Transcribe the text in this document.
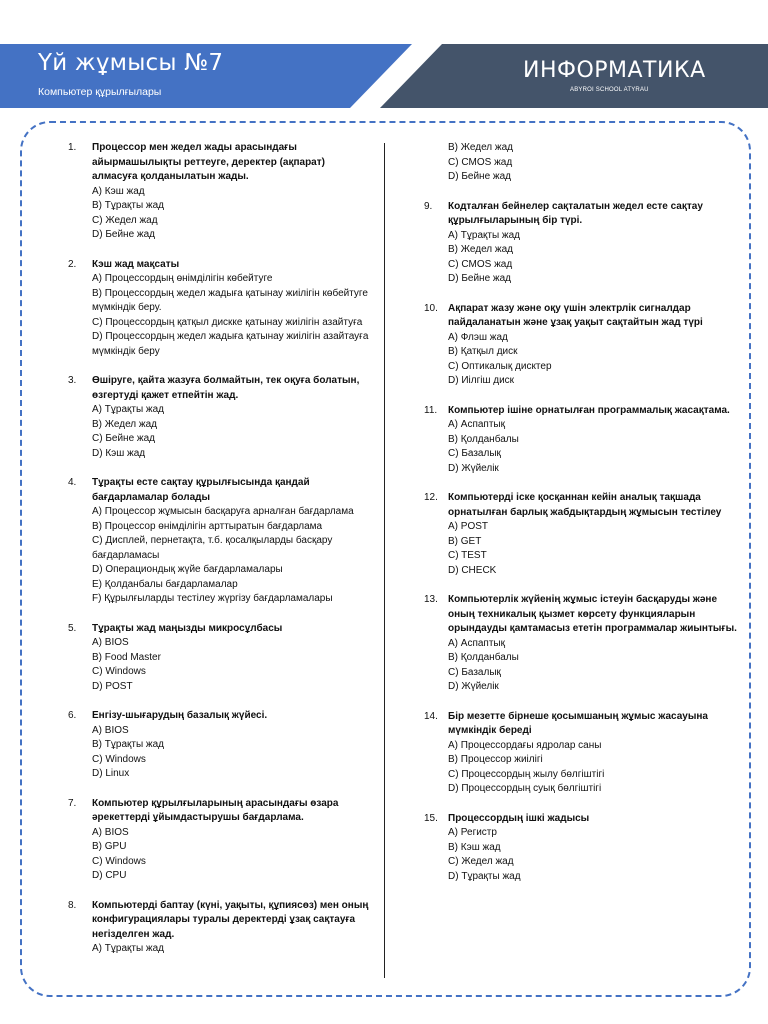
Үй жұмысы №7
Компьютер құрылғылары
ИНФОРМАТИКА
ABYROI SCHOOL ATYRAU
1.	Процессор мен жедел жады арасындағы айырмашылықты реттеуге, деректер (ақпарат) алмасуға қолданылатын жады.
A) Кэш жад
B) Тұрақты жад
C) Жедел жад
D) Бейне жад
2.	Кэш жад мақсаты
A) Процессордың өнімділігін көбейтуге
B) Процессордың жедел жадыға қатынау жиілігін көбейтуге мүмкіндік беру.
C) Процессордың қатқыл дискке қатынау жиілігін азайтуға
D) Процессордың жедел жадыға қатынау жиілігін азайтауға мүмкіндік беру
3.	Өшіруге, қайта жазуға болмайтын, тек оқуға болатын, өзгертуді қажет етпейтін жад.
A) Тұрақты жад
B) Жедел жад
C) Бейне жад
D) Кэш жад
4.	Тұрақты есте сақтау құрылғысында қандай бағдарламалар болады
A) Процессор жұмысын басқаруға арналған бағдарлама
B) Процессор өнімділігін арттыратын бағдарлама
C) Дисплей, пернетақта, т.б. қосалқыларды басқару бағдарламасы
D) Операциондық жүйе бағдарламалары
E) Қолданбалы бағдарламалар
F) Құрылғыларды тестілеу жүргізу бағдарламалары
5.	Тұрақты жад маңызды микросұлбасы
A) BIOS
B) Food Master
C) Windows
D) POST
6.	Енгізу-шығарудың базалық жүйесі.
A) BIOS
B) Тұрақты жад
C) Windows
D) Linux
7.	Компьютер құрылғыларының арасындағы өзара әрекеттерді ұйымдастырушы бағдарлама.
A) BIOS
B) GPU
C) Windows
D) CPU
8.	Компьютерді баптау (күні, уақыты, құпиясөз) мен оның конфигурациялары туралы деректерді ұзақ сақтауға негізделген жад.
A) Тұрақты жад
B) Жедел жад
C) CMOS жад
D) Бейне жад
9.	Кодталған бейнелер сақталатын жедел есте сақтау құрылғыларының бір түрі.
A) Тұрақты жад
B) Жедел жад
C) CMOS жад
D) Бейне жад
10.	Ақпарат жазу және оқу үшін электрлік сигналдар пайдаланатын және ұзақ уақыт сақтайтын жад түрі
A) Флэш жад
B) Қатқыл диск
C) Оптикалық дисктер
D) Иілгіш диск
11.	Компьютер ішіне орнатылған программалық жасақтама.
A) Аспаптық
B) Қолданбалы
C) Базалық
D) Жүйелік
12.	Компьютерді іске қосқаннан кейін аналық тақшада орнатылған барлық жабдықтардың жұмысын тестілеу
A) POST
B) GET
C) TEST
D) CHECK
13.	Компьютерлік жүйенің жұмыс істеуін басқаруды және оның техникалық қызмет көрсету функцияларын орындауды қамтамасыз ететін программалар жиынтығы.
A) Аспаптық
B) Қолданбалы
C) Базалық
D) Жүйелік
14.	Бір мезетте бірнеше қосымшаның жұмыс жасауына мүмкіндік береді
A) Процессордағы ядролар саны
B) Процессор жиілігі
C) Процессордың жылу бөлгіштігі
D) Процессордың суық бөлгіштігі
15.	Процессордың ішкі жадысы
A) Регистр
B) Кэш жад
C) Жедел жад
D) Тұрақты жад
